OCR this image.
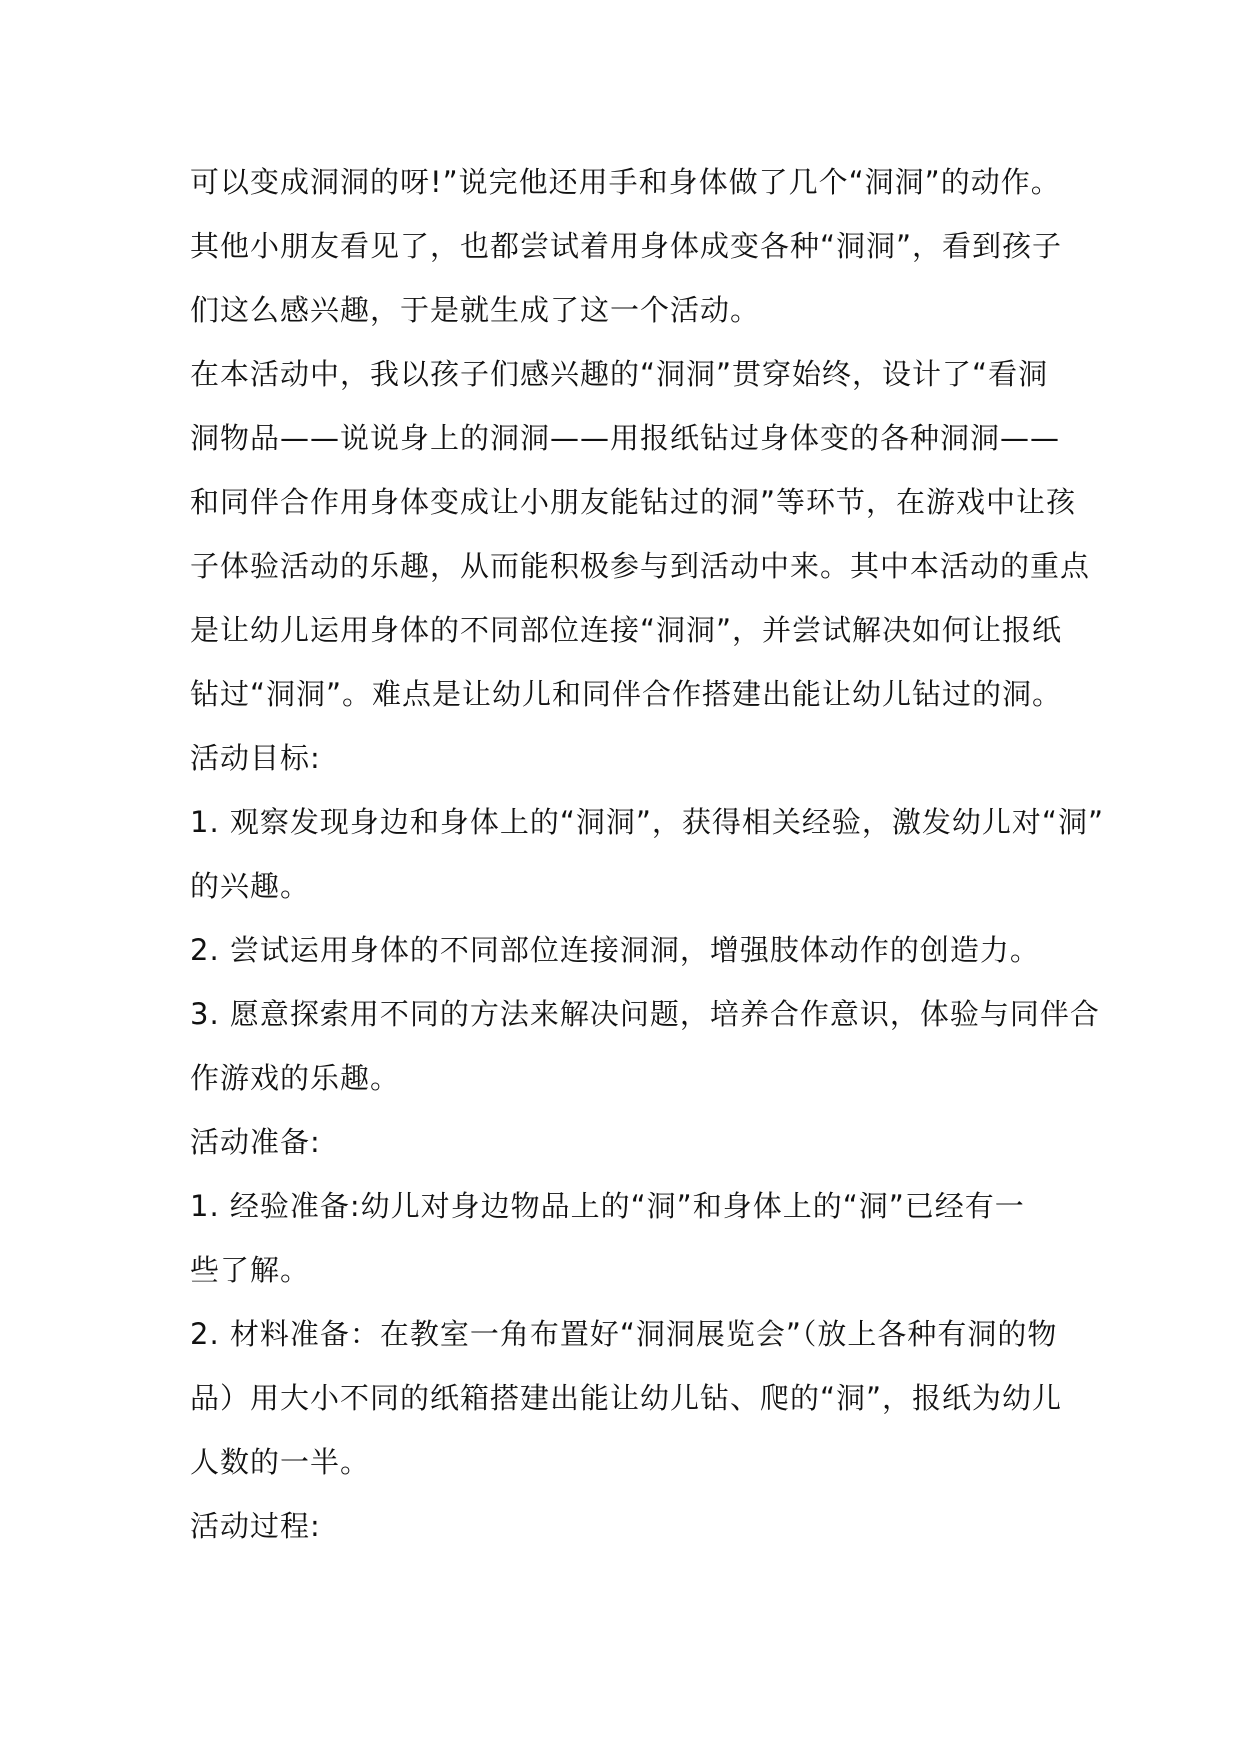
可以变成洞洞的呀!”说完他还用手和身体做了几个“洞洞”的动作。
其他小朋友看见了，也都尝试着用身体成变各种“洞洞”，看到孩子
们这么感兴趣，于是就生成了这一个活动。
在本活动中，我以孩子们感兴趣的“洞洞”贯穿始终，设计了“看洞
洞物品——说说身上的洞洞——用报纸钻过身体变的各种洞洞——
和同伴合作用身体变成让小朋友能钻过的洞”等环节，在游戏中让孩
子体验活动的乐趣，从而能积极参与到活动中来。其中本活动的重点
是让幼儿运用身体的不同部位连接“洞洞”，并尝试解决如何让报纸
钻过“洞洞”。难点是让幼儿和同伴合作搭建出能让幼儿钻过的洞。
活动目标:
1. 观察发现身边和身体上的“洞洞”，获得相关经验，激发幼儿对“洞”
的兴趣。
2. 尝试运用身体的不同部位连接洞洞，增强肢体动作的创造力。
3. 愿意探索用不同的方法来解决问题，培养合作意识，体验与同伴合
作游戏的乐趣。
活动准备:
1. 经验准备:幼儿对身边物品上的“洞”和身体上的“洞”已经有一
些了解。
2. 材料准备：在教室一角布置好“洞洞展览会”（放上各种有洞的物
品）用大小不同的纸箱搭建出能让幼儿钻、爬的“洞”，报纸为幼儿
人数的一半。
活动过程:
